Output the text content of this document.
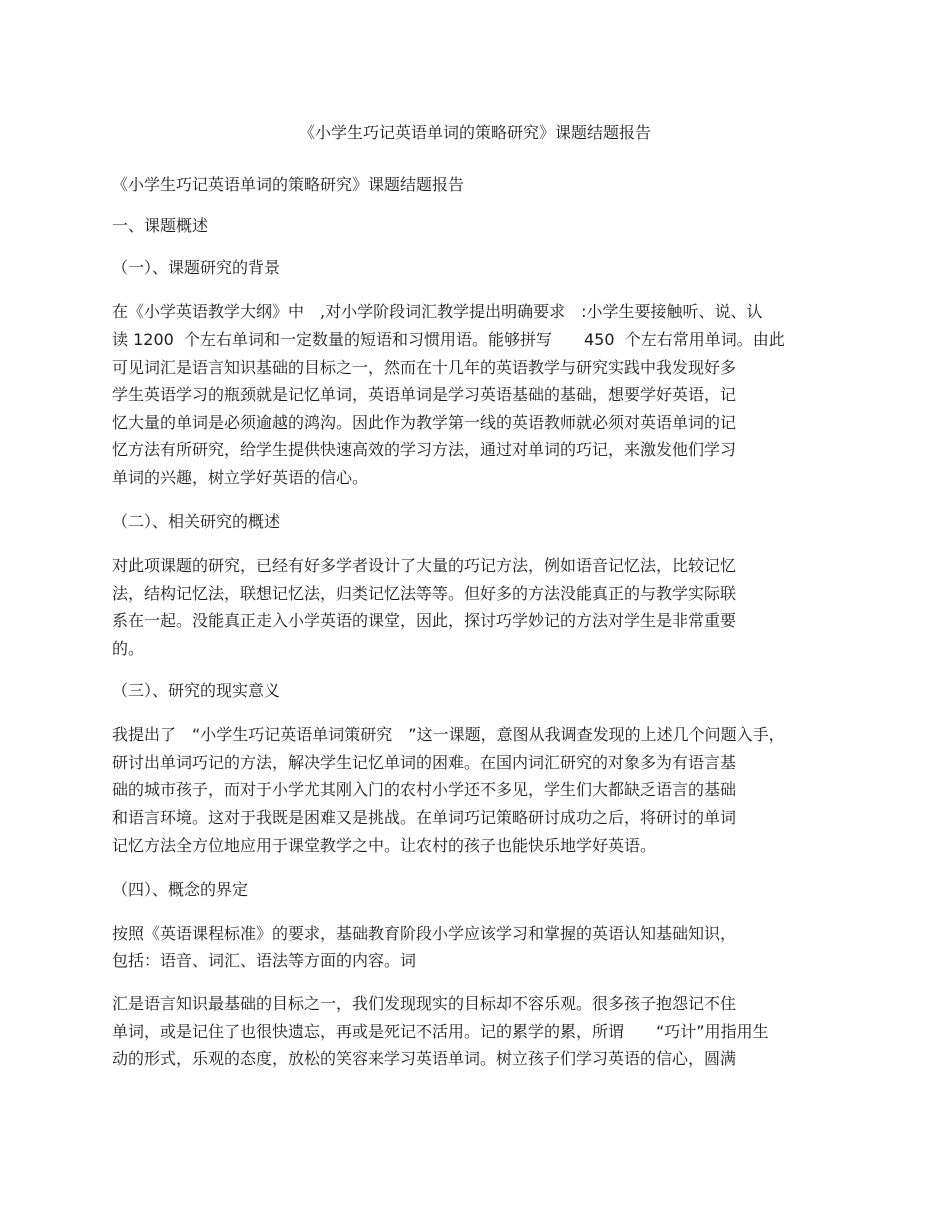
《小学生巧记英语单词的策略研究》课题结题报告
《小学生巧记英语单词的策略研究》课题结题报告
一、课题概述
（一）、课题研究的背景
在《小学英语教学大纲》中　,对小学阶段词汇教学提出明确要求　:小学生要接触听、说、认
读 1200  个左右单词和一定数量的短语和习惯用语。能够拼写　　450  个左右常用单词。由此
可见词汇是语言知识基础的目标之一，然而在十几年的英语教学与研究实践中我发现好多
学生英语学习的瓶颈就是记忆单词，英语单词是学习英语基础的基础，想要学好英语，记
忆大量的单词是必须逾越的鸿沟。因此作为教学第一线的英语教师就必须对英语单词的记
忆方法有所研究，给学生提供快速高效的学习方法，通过对单词的巧记，来激发他们学习
单词的兴趣，树立学好英语的信心。
（二）、相关研究的概述
对此项课题的研究，已经有好多学者设计了大量的巧记方法，例如语音记忆法，比较记忆
法，结构记忆法，联想记忆法，归类记忆法等等。但好多的方法没能真正的与教学实际联
系在一起。没能真正走入小学英语的课堂，因此，探讨巧学妙记的方法对学生是非常重要
的。
（三）、研究的现实意义
我提出了　“小学生巧记英语单词策研究　”这一课题，意图从我调查发现的上述几个问题入手，
研讨出单词巧记的方法，解决学生记忆单词的困难。在国内词汇研究的对象多为有语言基
础的城市孩子，而对于小学尤其刚入门的农村小学还不多见，学生们大都缺乏语言的基础
和语言环境。这对于我既是困难又是挑战。在单词巧记策略研讨成功之后，将研讨的单词
记忆方法全方位地应用于课堂教学之中。让农村的孩子也能快乐地学好英语。
（四）、概念的界定
按照《英语课程标准》的要求，基础教育阶段小学应该学习和掌握的英语认知基础知识，
包括：语音、词汇、语法等方面的内容。词
汇是语言知识最基础的目标之一，我们发现现实的目标却不容乐观。很多孩子抱怨记不住
单词，或是记住了也很快遗忘，再或是死记不活用。记的累学的累，所谓　　“巧计”用指用生
动的形式，乐观的态度，放松的笑容来学习英语单词。树立孩子们学习英语的信心，圆满
